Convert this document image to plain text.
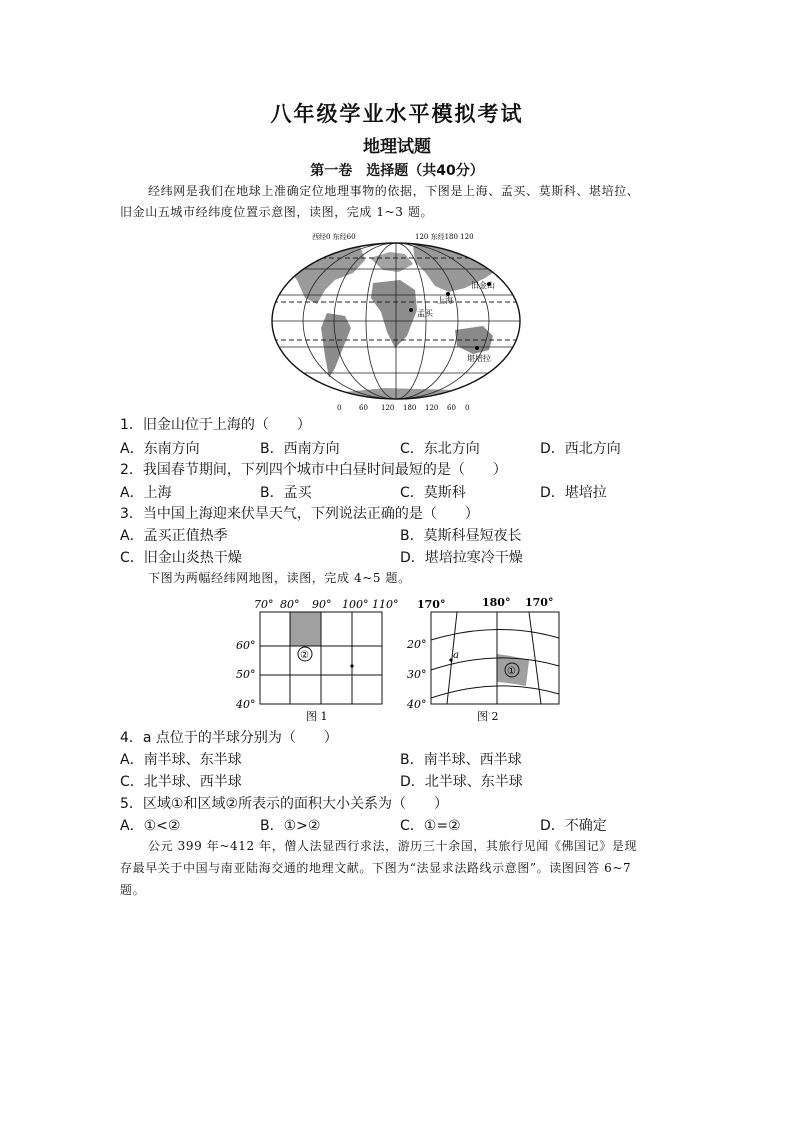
八年级学业水平模拟考试
地理试题
第一卷　选择题（共40分）
经纬网是我们在地球上准确定位地理事物的依据，下图是上海、孟买、莫斯科、堪培拉、
旧金山五城市经纬度位置示意图，读图，完成 1~3 题。
西经0 东经60	120 东经180 120
旧金山
上海
孟买
堪培拉
0	60 120 180 120 60 0
1．旧金山位于上海的（　　）
A．东南方向	B．西南方向	C．东北方向	D．西北方向
2．我国春节期间，下列四个城市中白昼时间最短的是（　　）
A．上海	B．孟买	C．莫斯科	D．堪培拉
3．当中国上海迎来伏旱天气，下列说法正确的是（　　）
A．孟买正值热季	B．莫斯科昼短夜长
C．旧金山炎热干燥	D．堪培拉寒冷干燥
下图为两幅经纬网地图，读图，完成 4~5 题。
70° 80° 90° 100° 110°
60°
50°
40°
②
图 1
170°	180° 170°
20°
30°
40°
①
a
图 2
4．a 点位于的半球分别为（　　）
A．南半球、东半球	B．南半球、西半球
C．北半球、西半球	D．北半球、东半球
5．区域①和区域②所表示的面积大小关系为（　　）
A．①<②	B．①>②	C．①=②	D．不确定
公元 399 年~412 年，僧人法显西行求法，游历三十余国，其旅行见闻《佛国记》是现
存最早关于中国与南亚陆海交通的地理文献。下图为“法显求法路线示意图”。读图回答 6~7
题。
